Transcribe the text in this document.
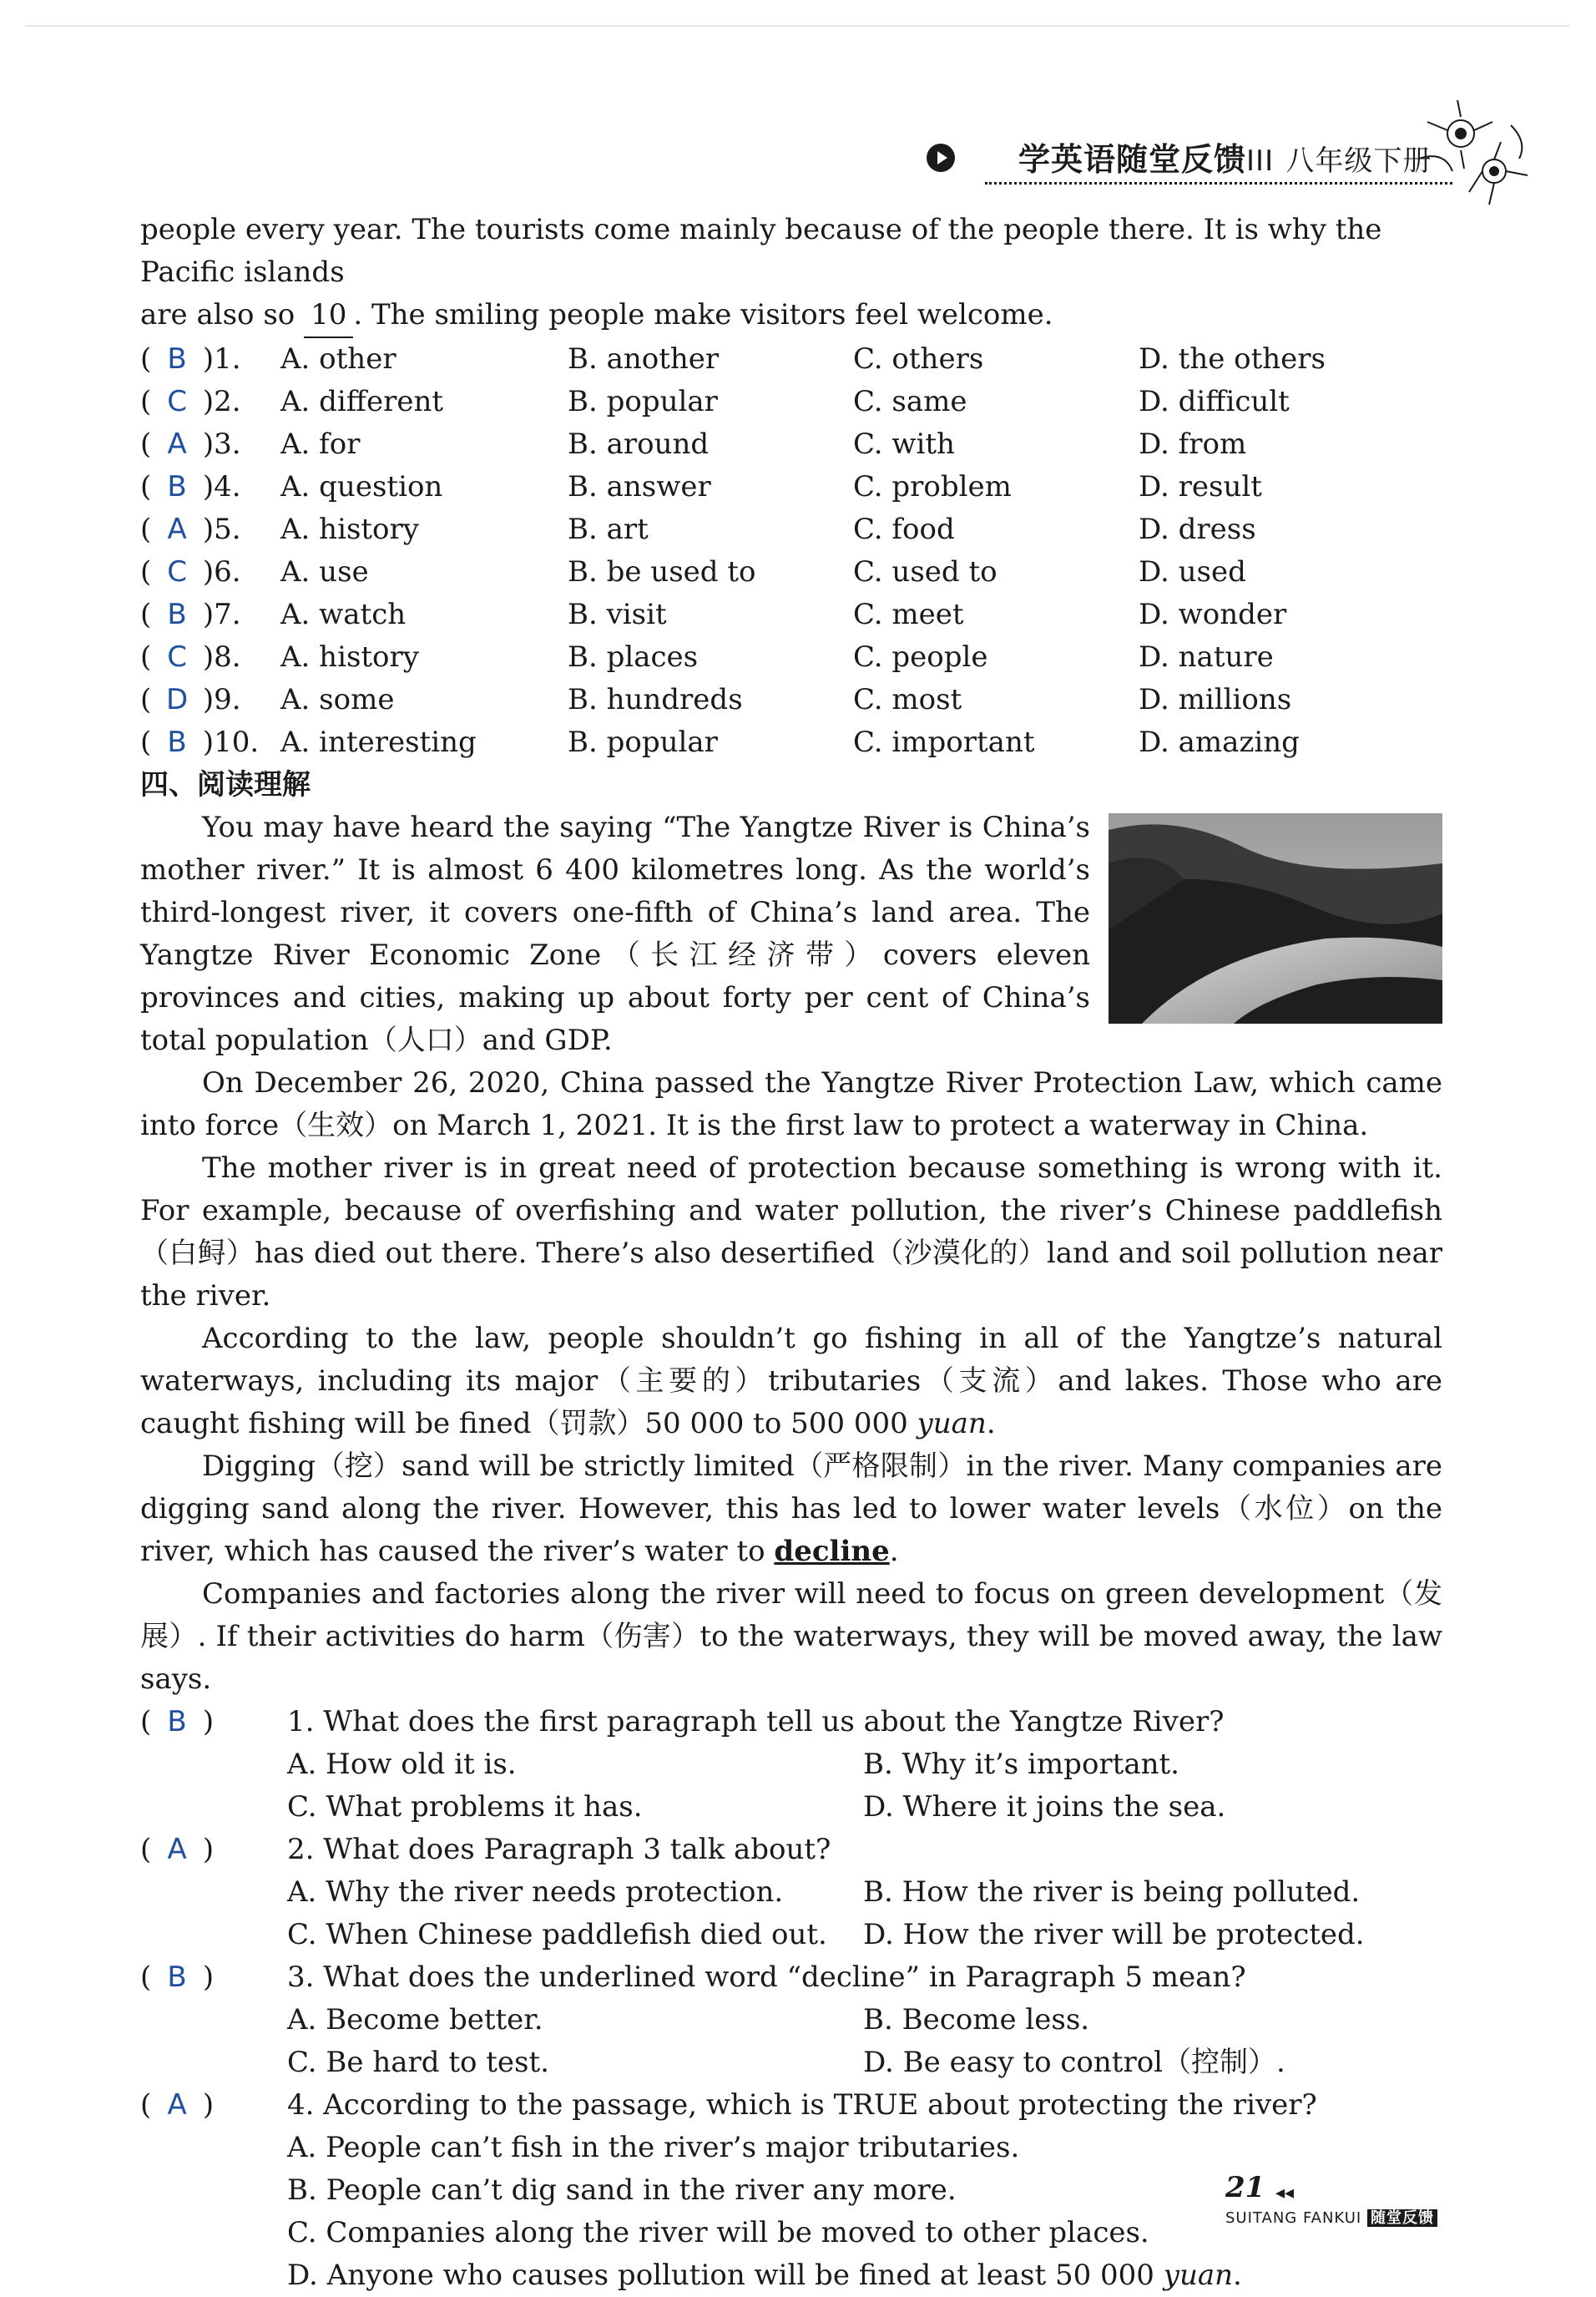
学英语随堂反馈III 八年级下册

people every year. The tourists come mainly because of the people there. It is why the Pacific islands

are also so 10 . The smiling people make visitors feel welcome.

( B )1.	A. other	B. another	C. others	D. the others
( C )2.	A. different	B. popular	C. same	D. difficult
( A )3.	A. for	B. around	C. with	D. from
( B )4.	A. question	B. answer	C. problem	D. result
( A )5.	A. history	B. art	C. food	D. dress
( C )6.	A. use	B. be used to	C. used to	D. used
( B )7.	A. watch	B. visit	C. meet	D. wonder
( C )8.	A. history	B. places	C. people	D. nature
( D )9.	A. some	B. hundreds	C. most	D. millions
( B )10. A. interesting	B. popular	C. important	D. amazing

四、阅读理解

You may have heard the saying “The Yangtze River is China’s mother river.” It is almost 6 400 kilometres long. As the world’s third-longest river, it covers one-fifth of China’s land area. The Yangtze River Economic Zone（长江经济带）covers eleven provinces and cities, making up about forty per cent of China’s total population（人口）and GDP.

On December 26, 2020, China passed the Yangtze River Protection Law, which came into force（生效）on March 1, 2021. It is the first law to protect a waterway in China.

The mother river is in great need of protection because something is wrong with it. For example, because of overfishing and water pollution, the river’s Chinese paddlefish（白鲟）has died out there. There’s also desertified（沙漠化的）land and soil pollution near the river.

According to the law, people shouldn’t go fishing in all of the Yangtze’s natural waterways, including its major（主要的）tributaries（支流）and lakes. Those who are caught fishing will be fined（罚款）50 000 to 500 000 yuan.

Digging（挖）sand will be strictly limited（严格限制）in the river. Many companies are digging sand along the river. However, this has led to lower water levels（水位）on the river, which has caused the river’s water to decline.

Companies and factories along the river will need to focus on green development（发展）. If their activities do harm（伤害）to the waterways, they will be moved away, the law says.

( B )	1. What does the first paragraph tell us about the Yangtze River?
A. How old it is.	B. Why it’s important.
C. What problems it has.	D. Where it joins the sea.
( A )	2. What does Paragraph 3 talk about?
A. Why the river needs protection.	B. How the river is being polluted.
C. When Chinese paddlefish died out.	D. How the river will be protected.
( B )	3. What does the underlined word “decline” in Paragraph 5 mean?
A. Become better.	B. Become less.
C. Be hard to test.	D. Be easy to control（控制）.
( A )	4. According to the passage, which is TRUE about protecting the river?
A. People can’t fish in the river’s major tributaries.
B. People can’t dig sand in the river any more.
C. Companies along the river will be moved to other places.
D. Anyone who causes pollution will be fined at least 50 000 yuan.
21 ◂◂
SUITANG FANKUI 随堂反馈
